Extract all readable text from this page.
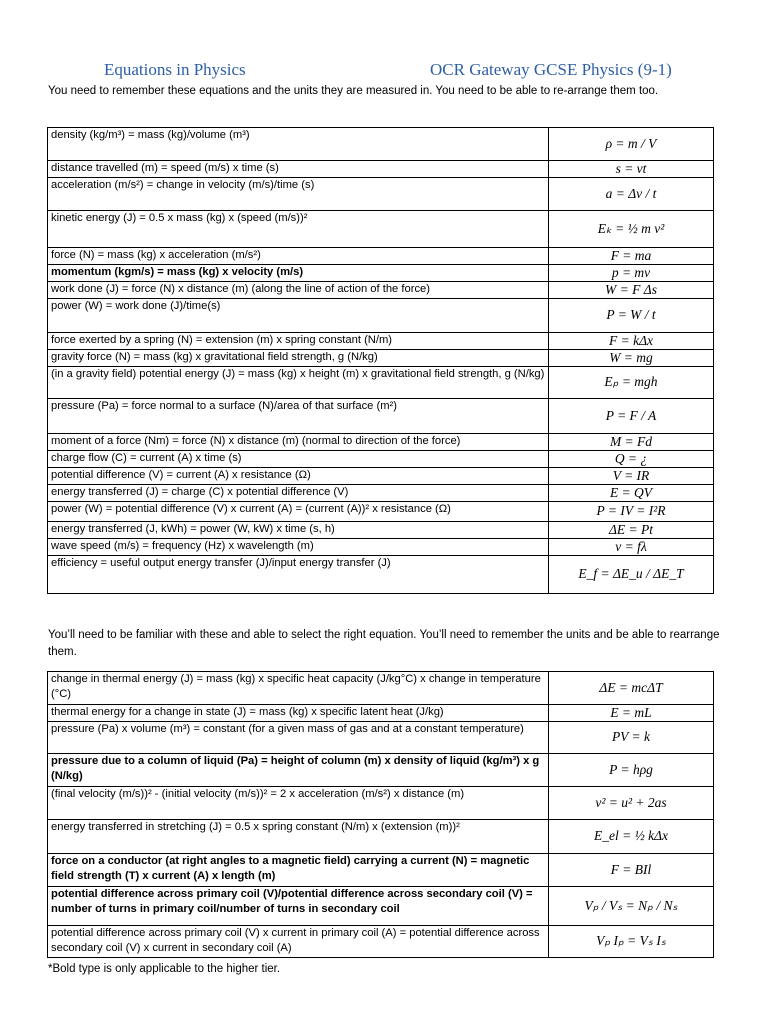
Equations in Physics	OCR Gateway GCSE Physics (9-1)

You need to remember these equations and the units they are measured in. You need to be able to re-arrange them too.

density (kg/m³) = mass (kg)/volume (m³)	ρ = m / V
distance travelled (m) = speed (m/s) x time (s)	s = vt
acceleration (m/s²) = change in velocity (m/s)/time (s)	a = Δv / t
kinetic energy (J) = 0.5 x mass (kg) x (speed (m/s))²	Eₖ = ½ m v²
force (N) = mass (kg) x acceleration (m/s²)	F = ma
momentum (kgm/s) = mass (kg) x velocity (m/s)	p = mv
work done (J) = force (N) x distance (m) (along the line of action of the force)	W = F Δs
power (W) = work done (J)/time(s)	P = W / t
force exerted by a spring (N) = extension (m) x spring constant (N/m)	F = kΔx
gravity force (N) = mass (kg) x gravitational field strength, g (N/kg)	W = mg
(in a gravity field) potential energy (J) = mass (kg) x height (m) x gravitational field strength, g (N/kg)	Eₚ = mgh
pressure (Pa) = force normal to a surface (N)/area of that surface (m²)	P = F / A
moment of a force (Nm) = force (N) x distance (m) (normal to direction of the force)	M = Fd
charge flow (C) = current (A) x time (s)	Q = ¿
potential difference (V) = current (A) x resistance (Ω)	V = IR
energy transferred (J) = charge (C) x potential difference (V)	E = QV
power (W) = potential difference (V) x current (A) = (current (A))² x resistance (Ω)	P = IV = I²R
energy transferred (J, kWh) = power (W, kW) x time (s, h)	ΔE = Pt
wave speed (m/s) = frequency (Hz) x wavelength (m)	v = fλ
efficiency = useful output energy transfer (J)/input energy transfer (J)	E_f = ΔE_u / ΔE_T

You’ll need to be familiar with these and able to select the right equation. You’ll need to remember the units and be able to rearrange them.

change in thermal energy (J) = mass (kg) x specific heat capacity (J/kg°C) x change in temperature (°C)	ΔE = mcΔT
thermal energy for a change in state (J) = mass (kg) x specific latent heat (J/kg)	E = mL
pressure (Pa) x volume (m³) = constant (for a given mass of gas and at a constant temperature)	PV = k
pressure due to a column of liquid (Pa) = height of column (m) x density of liquid (kg/m³) x g (N/kg)	P = hρg
(final velocity (m/s))² - (initial velocity (m/s))² = 2 x acceleration (m/s²) x distance (m)	v² = u² + 2as
energy transferred in stretching (J) = 0.5 x spring constant (N/m) x (extension (m))²	E_el = ½ kΔx
force on a conductor (at right angles to a magnetic field) carrying a current (N) = magnetic field strength (T) x current (A) x length (m)	F = BIl
potential difference across primary coil (V)/potential difference across secondary coil (V) = number of turns in primary coil/number of turns in secondary coil	Vₚ / Vₛ = Nₚ / Nₛ
potential difference across primary coil (V) x current in primary coil (A) = potential difference across secondary coil (V) x current in secondary coil (A)	Vₚ Iₚ = Vₛ Iₛ

*Bold type is only applicable to the higher tier.
